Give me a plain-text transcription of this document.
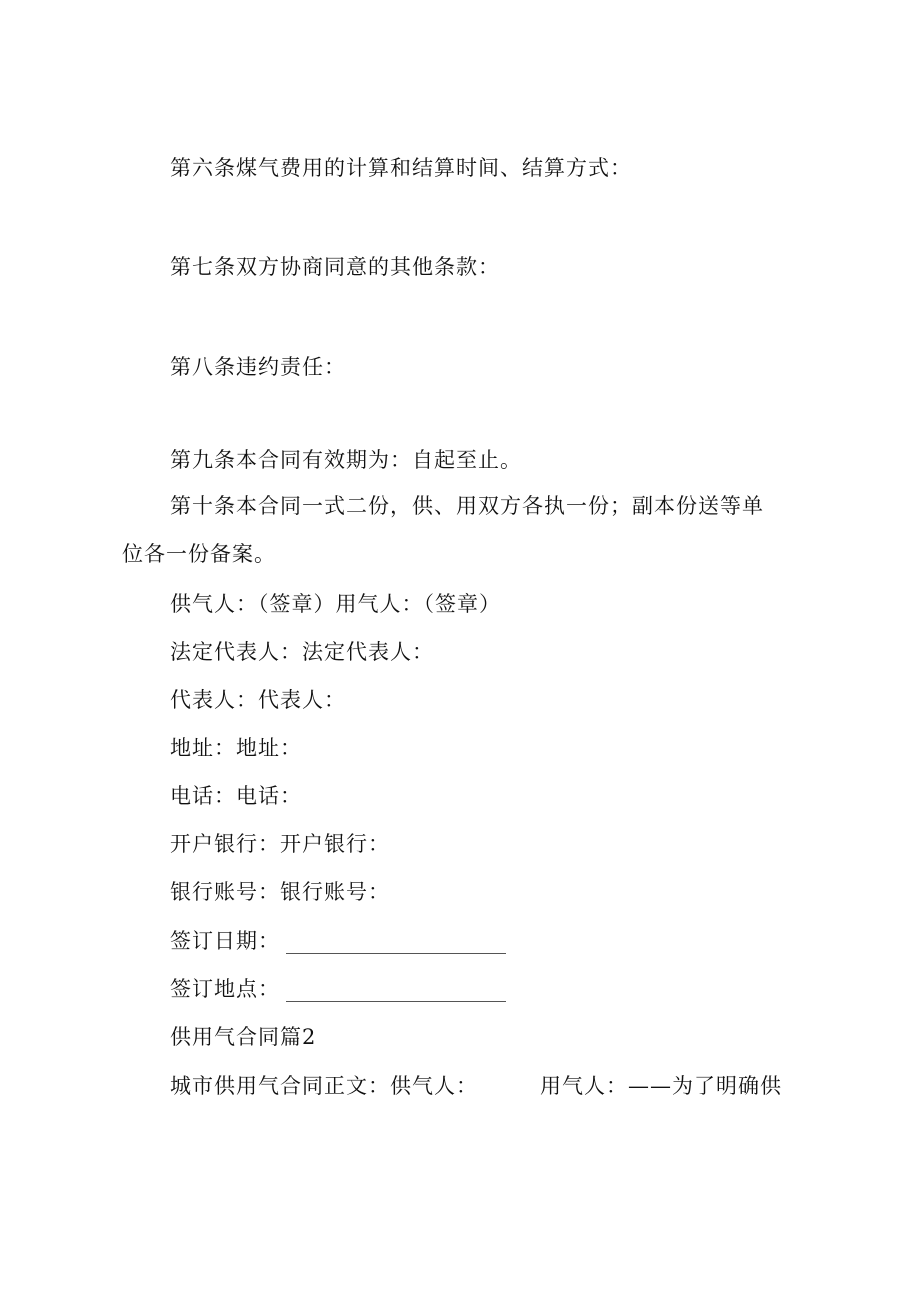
第六条煤气费用的计算和结算时间、结算方式：
第七条双方协商同意的其他条款：
第八条违约责任：
第九条本合同有效期为：自起至止。
第十条本合同一式二份，供、用双方各执一份；副本份送等单
位各一份备案。
供气人：（签章）用气人：（签章）
法定代表人：法定代表人：
代表人：代表人：
地址：地址：
电话：电话：
开户银行：开户银行：
银行账号：银行账号：
签订日期：
签订地点：
供用气合同篇2
城市供用气合同正文：供气人：	用气人：——为了明确供
